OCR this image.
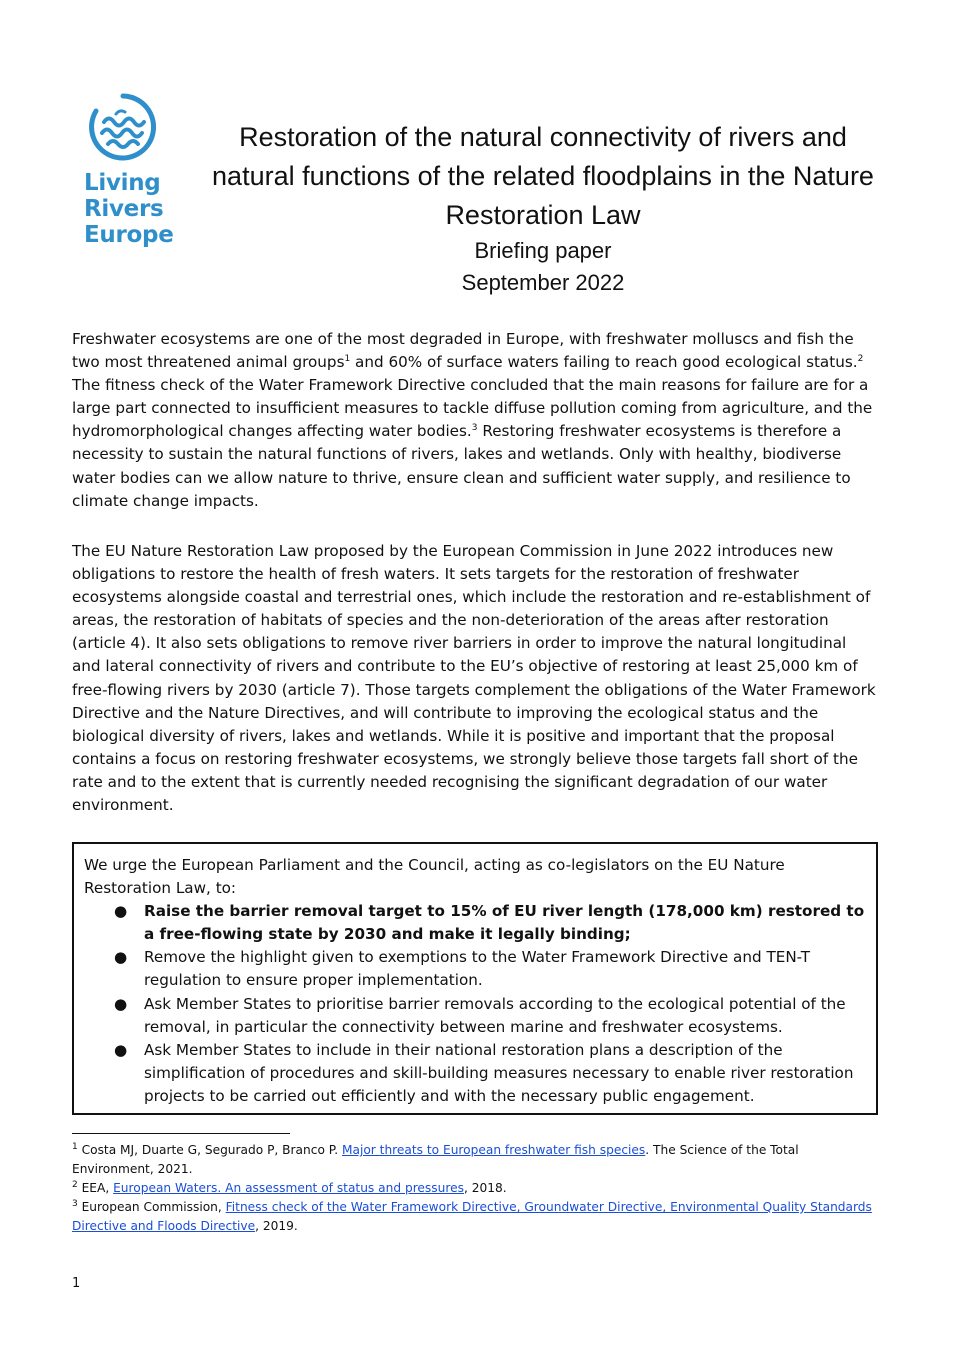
Living
Rivers
Europe
Restoration of the natural connectivity of rivers and natural functions of the related floodplains in the Nature Restoration Law
Briefing paper
September 2022

Freshwater ecosystems are one of the most degraded in Europe, with freshwater molluscs and fish the two most threatened animal groups$^1$ and 60% of surface waters failing to reach good ecological status.$^2$ The fitness check of the Water Framework Directive concluded that the main reasons for failure are for a large part connected to insufficient measures to tackle diffuse pollution coming from agriculture, and the hydromorphological changes affecting water bodies.$^3$ Restoring freshwater ecosystems is therefore a necessity to sustain the natural functions of rivers, lakes and wetlands. Only with healthy, biodiverse water bodies can we allow nature to thrive, ensure clean and sufficient water supply, and resilience to climate change impacts.

The EU Nature Restoration Law proposed by the European Commission in June 2022 introduces new obligations to restore the health of fresh waters. It sets targets for the restoration of freshwater ecosystems alongside coastal and terrestrial ones, which include the restoration and re-establishment of areas, the restoration of habitats of species and the non-deterioration of the areas after restoration (article 4). It also sets obligations to remove river barriers in order to improve the natural longitudinal and lateral connectivity of rivers and contribute to the EU’s objective of restoring at least 25,000 km of free-flowing rivers by 2030 (article 7). Those targets complement the obligations of the Water Framework Directive and the Nature Directives, and will contribute to improving the ecological status and the biological diversity of rivers, lakes and wetlands. While it is positive and important that the proposal contains a focus on restoring freshwater ecosystems, we strongly believe those targets fall short of the rate and to the extent that is currently needed recognising the significant degradation of our water environment.

We urge the European Parliament and the Council, acting as co-legislators on the EU Nature Restoration Law, to:
● Raise the barrier removal target to 15% of EU river length (178,000 km) restored to a free-flowing state by 2030 and make it legally binding;
● Remove the highlight given to exemptions to the Water Framework Directive and TEN-T regulation to ensure proper implementation.
● Ask Member States to prioritise barrier removals according to the ecological potential of the removal, in particular the connectivity between marine and freshwater ecosystems.
● Ask Member States to include in their national restoration plans a description of the simplification of procedures and skill-building measures necessary to enable river restoration projects to be carried out efficiently and with the necessary public engagement.

$^1$ Costa MJ, Duarte G, Segurado P, Branco P. Major threats to European freshwater fish species. The Science of the Total Environment, 2021.

$^2$ EEA, European Waters. An assessment of status and pressures, 2018.

$^3$ European Commission, Fitness check of the Water Framework Directive, Groundwater Directive, Environmental Quality Standards Directive and Floods Directive, 2019.

1
